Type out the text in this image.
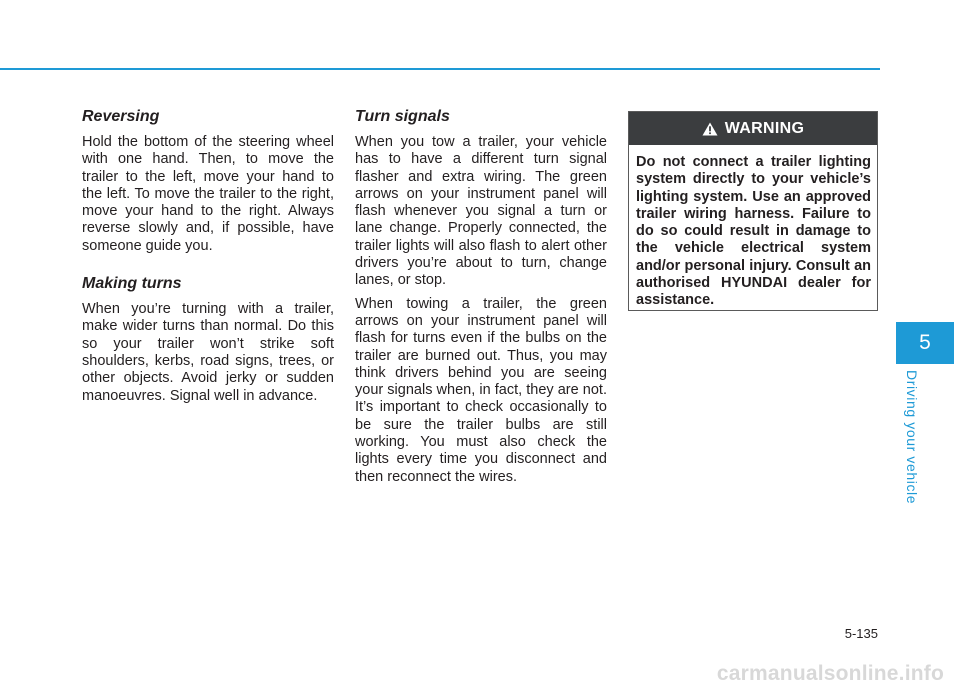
Reversing

Hold the bottom of the steering wheel with one hand. Then, to move the trailer to the left, move your hand to the left. To move the trailer to the right, move your hand to the right. Always reverse slowly and, if possible, have someone guide you.

Making turns

When you’re turning with a trailer, make wider turns than normal. Do this so your trailer won’t strike soft shoulders, kerbs, road signs, trees, or other objects. Avoid jerky or sudden manoeuvres. Signal well in advance.

Turn signals

When you tow a trailer, your vehicle has to have a different turn signal flasher and extra wiring. The green arrows on your instrument panel will flash whenever you signal a turn or lane change. Properly connected, the trailer lights will also flash to alert other drivers you’re about to turn, change lanes, or stop.

When towing a trailer, the green arrows on your instrument panel will flash for turns even if the bulbs on the trailer are burned out. Thus, you may think drivers behind you are seeing your signals when, in fact, they are not. It’s important to check occasionally to be sure the trailer bulbs are still working. You must also check the lights every time you disconnect and then reconnect the wires.

WARNING
Do not connect a trailer lighting system directly to your vehicle’s lighting system. Use an approved trailer wiring harness. Failure to do so could result in damage to the vehicle electrical system and/or personal injury. Consult an authorised HYUNDAI dealer for assistance.
5
Driving your vehicle
5-135
carmanualsonline.info
